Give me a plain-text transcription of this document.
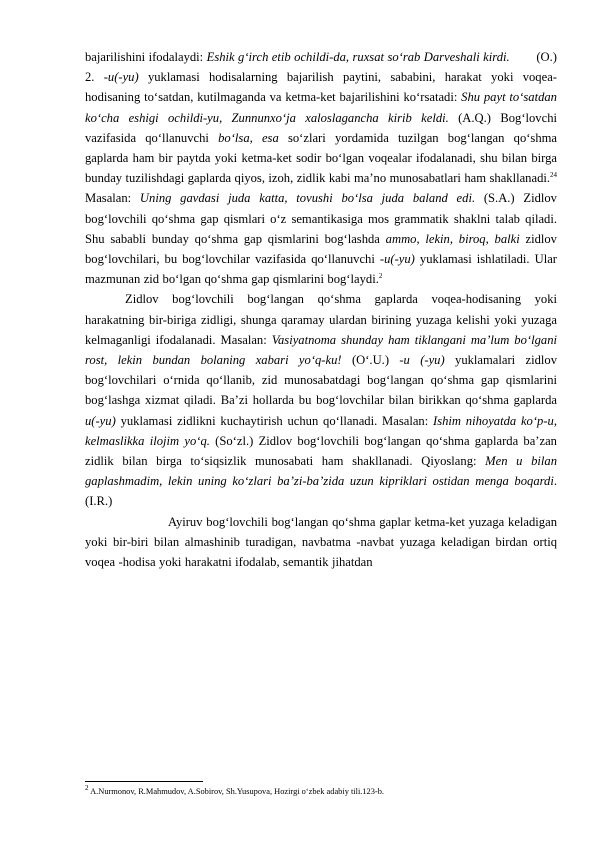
bajarilishini ifodalaydi: Eshik g‘irch etib ochildi-da, ruxsat so‘rab Darveshali kirdi. (O.)

2. -u(-yu) yuklamasi hodisalarning bajarilish paytini, sababini, harakat yoki voqea-hodisaning to‘satdan, kutilmaganda va ketma-ket bajarilishini ko‘rsatadi: Shu payt to‘satdan ko‘cha eshigi ochildi-yu, Zunnunxo‘ja xaloslagancha kirib keldi. (A.Q.) Bog‘lovchi vazifasida qo‘llanuvchi bo‘lsa, esa so‘zlari yordamida tuzilgan bog‘langan qo‘shma gaplarda ham bir paytda yoki ketma-ket sodir bo‘lgan voqealar ifodalanadi, shu bilan birga bunday tuzilishdagi gaplarda qiyos, izoh, zidlik kabi ma’no munosabatlari ham shakllanadi.$^{24}$ Masalan: Uning gavdasi juda katta, tovushi bo‘lsa juda baland edi. (S.A.) Zidlov bog‘lovchili qo‘shma gap qismlari o‘z semantikasiga mos grammatik shaklni talab qiladi. Shu sababli bunday qo‘shma gap qismlarini bog‘lashda ammo, lekin, biroq, balki zidlov bog‘lovchilari, bu bog‘lovchilar vazifasida qo‘llanuvchi -u(-yu) yuklamasi ishlatiladi. Ular mazmunan zid bo‘lgan qo‘shma gap qismlarini bog‘laydi.$^2$

Zidlov bog‘lovchili bog‘langan qo‘shma gaplarda voqea-hodisaning yoki harakatning bir-biriga zidligi, shunga qaramay ulardan birining yuzaga kelishi yoki yuzaga kelmaganligi ifodalanadi. Masalan: Vasiyatnoma shunday ham tiklangani ma’lum bo‘lgani rost, lekin bundan bolaning xabari yo‘q-ku! (O‘.U.) -u (-yu) yuklamalari zidlov bog‘lovchilari o‘rnida qo‘llanib, zid munosabatdagi bog‘langan qo‘shma gap qismlarini bog‘lashga xizmat qiladi. Ba’zi hollarda bu bog‘lovchilar bilan birikkan qo‘shma gaplarda u(-yu) yuklamasi zidlikni kuchaytirish uchun qo‘llanadi. Masalan: Ishim nihoyatda ko‘p-u, kelmaslikka ilojim yo‘q. (So‘zl.) Zidlov bog‘lovchili bog‘langan qo‘shma gaplarda ba’zan zidlik bilan birga to‘siqsizlik munosabati ham shakllanadi. Qiyoslang: Men u bilan gaplashmadim, lekin uning ko‘zlari ba’zi-ba’zida uzun kipriklari ostidan menga boqardi. (I.R.)

Ayiruv bog‘lovchili bog‘langan qo‘shma gaplar ketma-ket yuzaga keladigan yoki bir-biri bilan almashinib turadigan, navbatma -navbat yuzaga keladigan birdan ortiq voqea -hodisa yoki harakatni ifodalab, semantik jihatdan

$^2$ A.Nurmonov, R.Mahmudov, A.Sobirov, Sh.Yusupova, Hozirgi o‘zbek adabiy tili.123-b.
